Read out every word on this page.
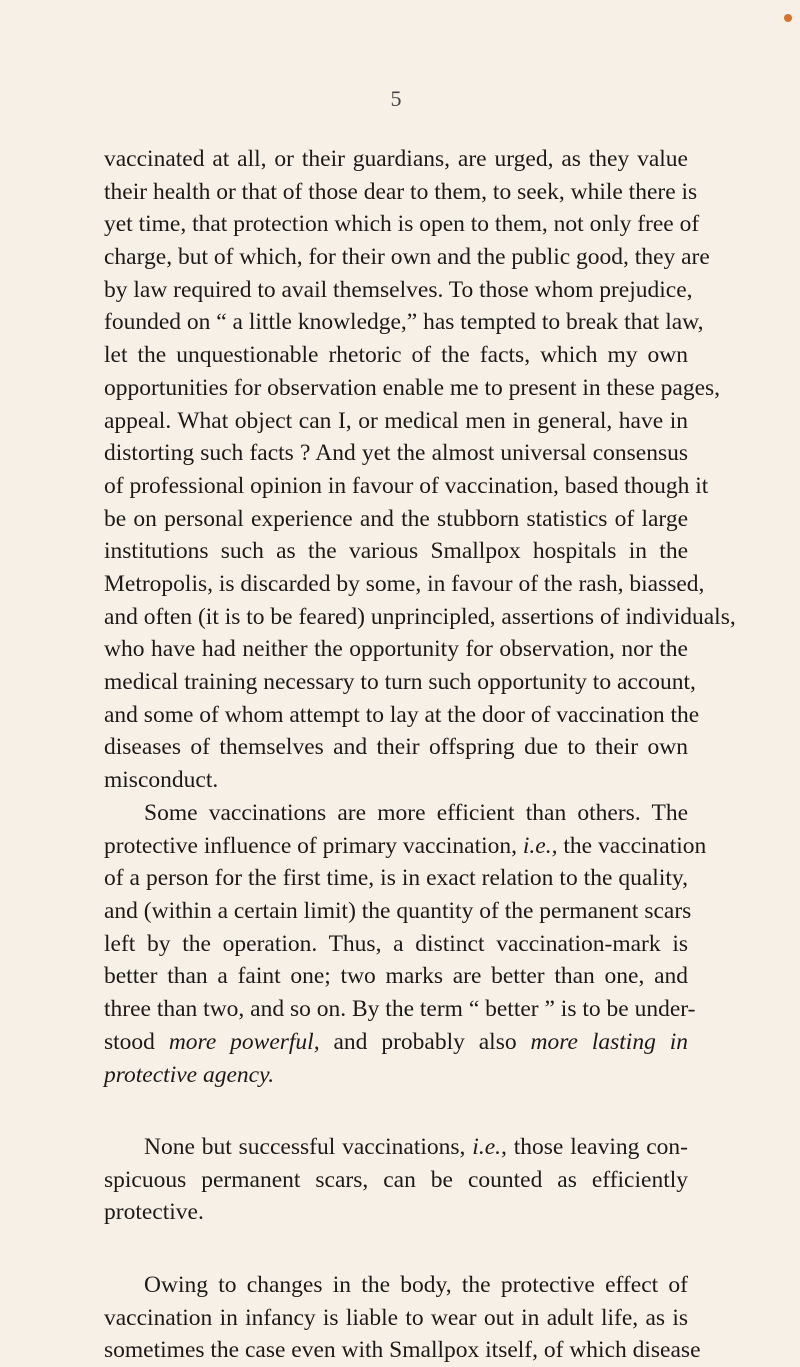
5
vaccinated at all, or their guardians, are urged, as they value
their health or that of those dear to them, to seek, while there is
yet time, that protection which is open to them, not only free of
charge, but of which, for their own and the public good, they are
by law required to avail themselves. To those whom prejudice,
founded on “ a little knowledge,” has tempted to break that law,
let the unquestionable rhetoric of the facts, which my own
opportunities for observation enable me to present in these pages,
appeal. What object can I, or medical men in general, have in
distorting such facts ? And yet the almost universal consensus
of professional opinion in favour of vaccination, based though it
be on personal experience and the stubborn statistics of large
institutions such as the various Smallpox hospitals in the
Metropolis, is discarded by some, in favour of the rash, biassed,
and often (it is to be feared) unprincipled, assertions of individuals,
who have had neither the opportunity for observation, nor the
medical training necessary to turn such opportunity to account,
and some of whom attempt to lay at the door of vaccination the
diseases of themselves and their offspring due to their own
misconduct.
Some vaccinations are more efficient than others. The
protective influence of primary vaccination, i.e., the vaccination
of a person for the first time, is in exact relation to the quality,
and (within a certain limit) the quantity of the permanent scars
left by the operation. Thus, a distinct vaccination-mark is
better than a faint one; two marks are better than one, and
three than two, and so on. By the term “ better ” is to be under-
stood more powerful, and probably also more lasting in
protective agency.
None but successful vaccinations, i.e., those leaving con-
spicuous permanent scars, can be counted as efficiently
protective.
Owing to changes in the body, the protective effect of
vaccination in infancy is liable to wear out in adult life, as is
sometimes the case even with Smallpox itself, of which disease
